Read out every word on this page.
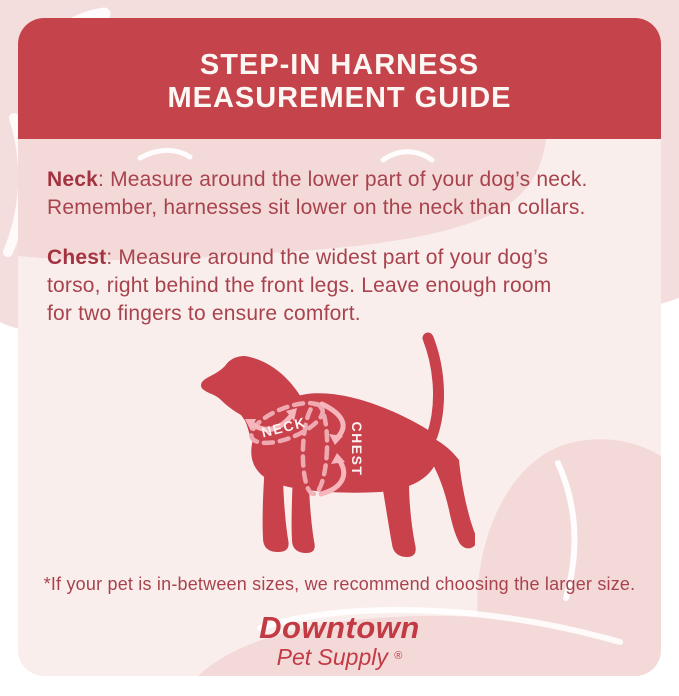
STEP-IN HARNESS
MEASUREMENT GUIDE
Neck: Measure around the lower part of your dog’s neck.
Remember, harnesses sit lower on the neck than collars.
Chest: Measure around the widest part of your dog’s
torso, right behind the front legs. Leave enough room
for two fingers to ensure comfort.
NECK	CHEST
*If your pet is in-between sizes, we recommend choosing the larger size.
Downtown
Pet Supply ®
